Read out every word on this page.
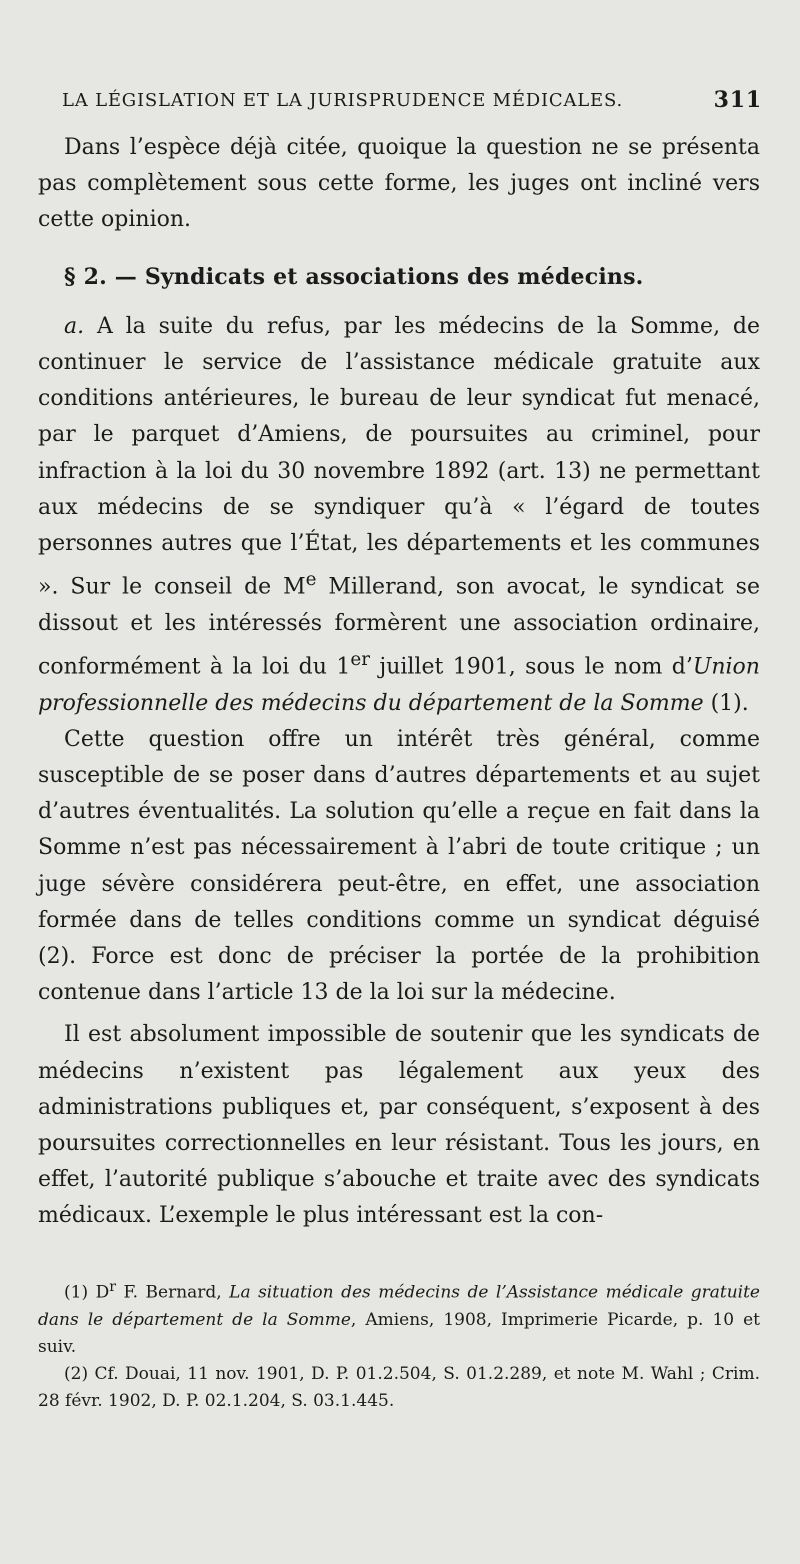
LA LÉGISLATION ET LA JURISPRUDENCE MÉDICALES.	311

Dans l’espèce déjà citée, quoique la question ne se présenta pas complètement sous cette forme, les juges ont incliné vers cette opinion.

§ 2. — Syndicats et associations des médecins.

a. A la suite du refus, par les médecins de la Somme, de continuer le service de l’assistance médicale gratuite aux conditions antérieures, le bureau de leur syndicat fut menacé, par le parquet d’Amiens, de poursuites au criminel, pour infraction à la loi du 30 novembre 1892 (art. 13) ne permettant aux médecins de se syndiquer qu’à « l’égard de toutes personnes autres que l’État, les départements et les communes ». Sur le conseil de Me Millerand, son avocat, le syndicat se dissout et les intéressés formèrent une association ordinaire, conformément à la loi du 1er juillet 1901, sous le nom d’Union professionnelle des médecins du département de la Somme (1).

Cette question offre un intérêt très général, comme susceptible de se poser dans d’autres départements et au sujet d’autres éventualités. La solution qu’elle a reçue en fait dans la Somme n’est pas nécessairement à l’abri de toute critique ; un juge sévère considérera peut-être, en effet, une association formée dans de telles conditions comme un syndicat déguisé (2). Force est donc de préciser la portée de la prohibition contenue dans l’article 13 de la loi sur la médecine.

Il est absolument impossible de soutenir que les syndicats de médecins n’existent pas légalement aux yeux des administrations publiques et, par conséquent, s’exposent à des poursuites correctionnelles en leur résistant. Tous les jours, en effet, l’autorité publique s’abouche et traite avec des syndicats médicaux. L’exemple le plus intéressant est la con-

(1) $D^r$ F. Bernard, La situation des médecins de l’Assistance médicale gratuite dans le département de la Somme, Amiens, 1908, Imprimerie Picarde, p. 10 et suiv.

(2) Cf. Douai, 11 nov. 1901, D. P. 01.2.504, S. 01.2.289, et note M. Wahl ; Crim. 28 févr. 1902, D. P. 02.1.204, S. 03.1.445.
